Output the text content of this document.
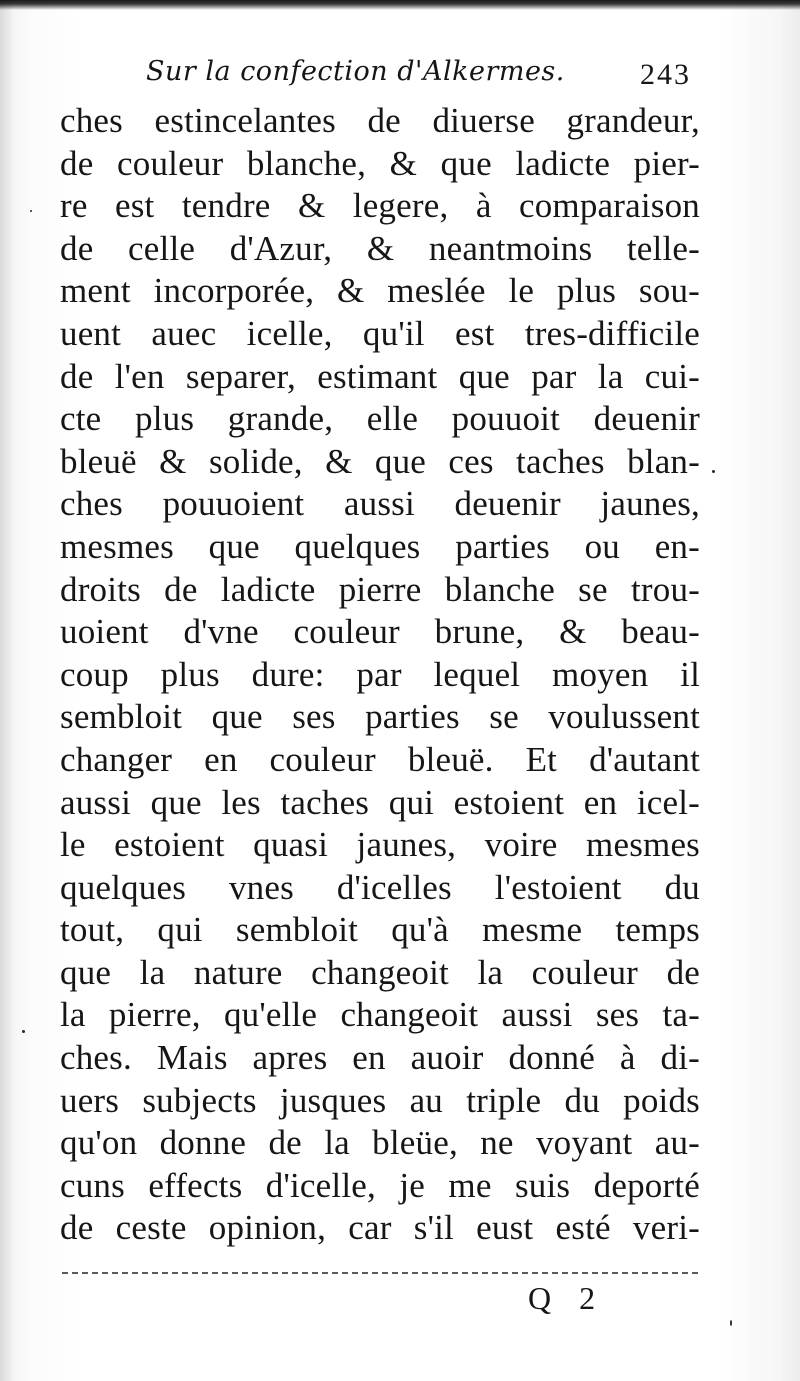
Sur la confection d'Alkermes.	243
ches estincelantes de diuerse grandeur,
de couleur blanche, & que ladicte pier-
re est tendre & legere, à comparaison
de celle d'Azur, & neantmoins telle-
ment incorporée, & meslée le plus sou-
uent auec icelle, qu'il est tres-difficile
de l'en separer, estimant que par la cui-
cte plus grande, elle pouuoit deuenir
bleuë & solide, & que ces taches blan-
ches pouuoient aussi deuenir jaunes,
mesmes que quelques parties ou en-
droits de ladicte pierre blanche se trou-
uoient d'vne couleur brune, & beau-
coup plus dure: par lequel moyen il
sembloit que ses parties se voulussent
changer en couleur bleuë. Et d'autant
aussi que les taches qui estoient en icel-
le estoient quasi jaunes, voire mesmes
quelques vnes d'icelles l'estoient du
tout, qui sembloit qu'à mesme temps
que la nature changeoit la couleur de
la pierre, qu'elle changeoit aussi ses ta-
ches. Mais apres en auoir donné à di-
uers subjects jusques au triple du poids
qu'on donne de la bleüe, ne voyant au-
cuns effects d'icelle, je me suis deporté
de ceste opinion, car s'il eust esté veri-
Q 2
